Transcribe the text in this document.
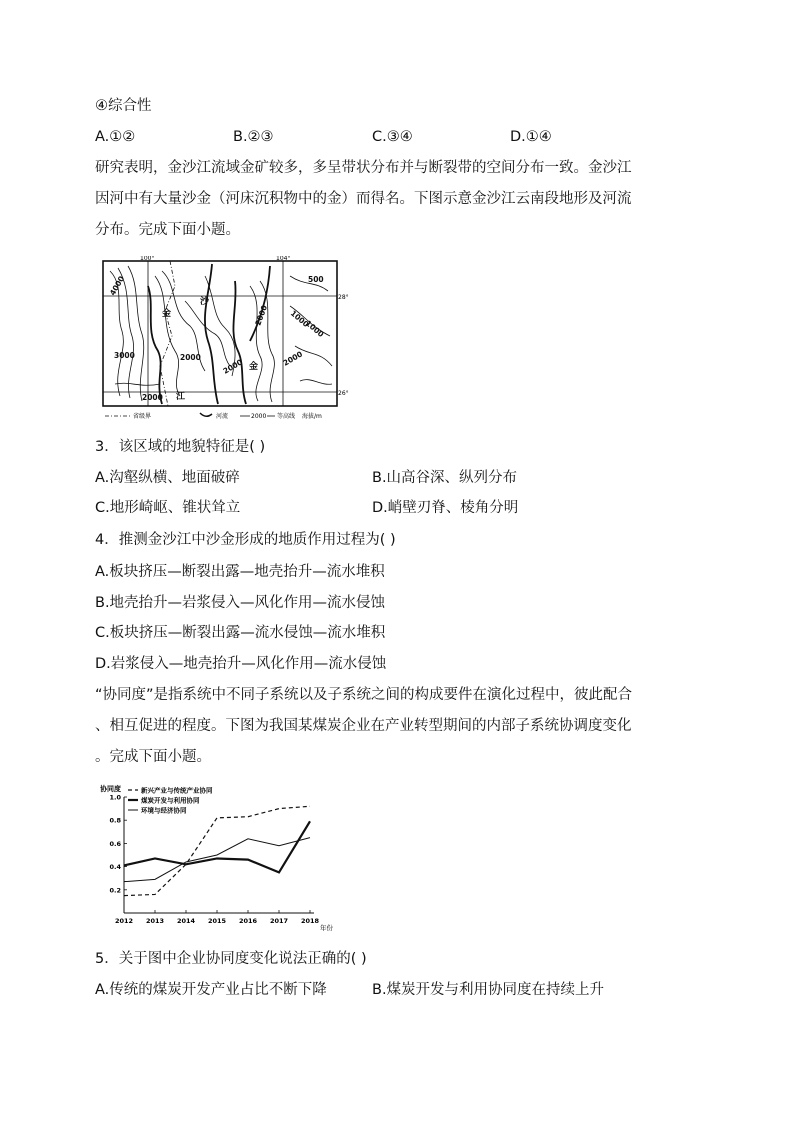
④综合性
A.①②	B.②③	C.③④	D.①④
研究表明，金沙江流域金矿较多，多呈带状分布并与断裂带的空间分布一致。金沙江
因河中有大量沙金（河床沉积物中的金）而得名。下图示意金沙江云南段地形及河流
分布。完成下面小题。
100°	104°
28°
26°
4000
3000	2000
2000
2000
2000
500
1000
1000
2000
金
金
沙
江
省级界	河流	2000 等高线 海拔/m
3．该区域的地貌特征是( )
A.沟壑纵横、地面破碎	B.山高谷深、纵列分布
C.地形崎岖、锥状耸立	D.峭壁刃脊、棱角分明
4．推测金沙江中沙金形成的地质作用过程为( )
A.板块挤压—断裂出露—地壳抬升—流水堆积
B.地壳抬升—岩浆侵入—风化作用—流水侵蚀
C.板块挤压—断裂出露—流水侵蚀—流水堆积
D.岩浆侵入—地壳抬升—风化作用—流水侵蚀
“协同度”是指系统中不同子系统以及子系统之间的构成要件在演化过程中，彼此配合
、相互促进的程度。下图为我国某煤炭企业在产业转型期间的内部子系统协调度变化
。完成下面小题。
协同度
年份
0.2
0.4
0.6
0.8
1.0
2012 2013 2014 2015 2016 2017 2018
新兴产业与传统产业协同
煤炭开发与利用协同
环境与经济协同
5．关于图中企业协同度变化说法正确的( )
A.传统的煤炭开发产业占比不断下降	B.煤炭开发与利用协同度在持续上升
